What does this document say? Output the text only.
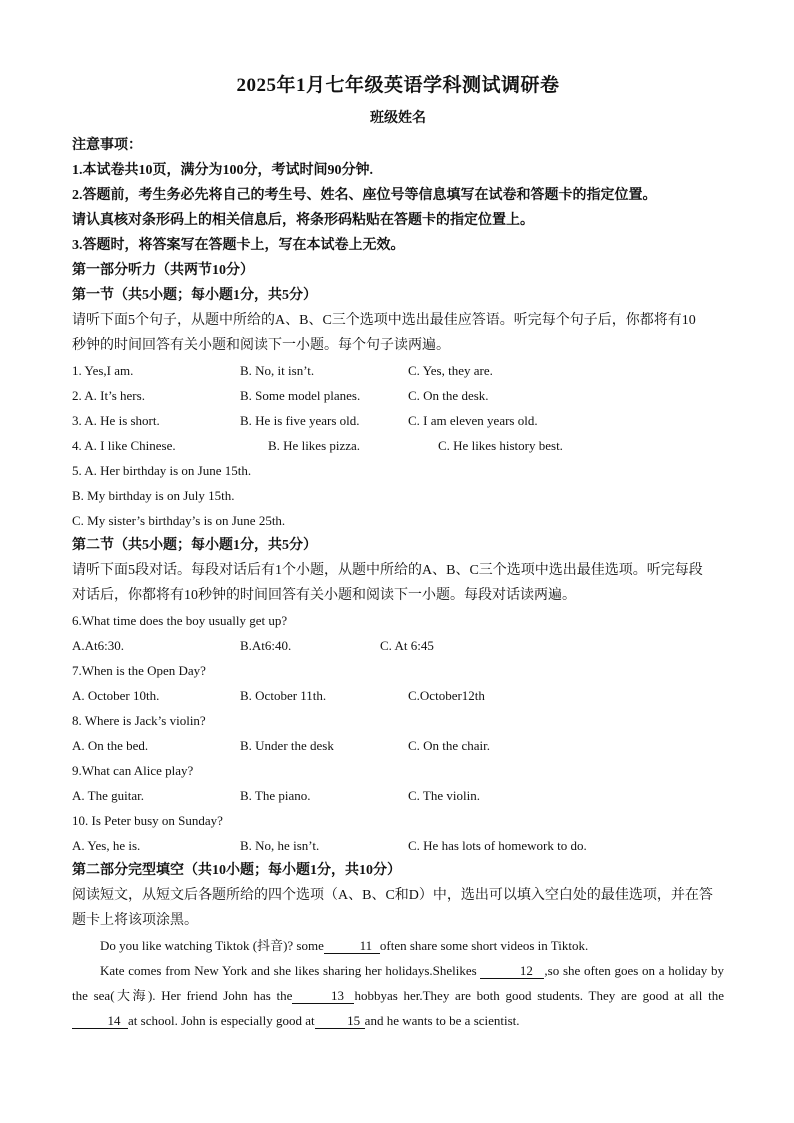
2025年1月七年级英语学科测试调研卷
班级姓名
注意事项：
1.本试卷共10页，满分为100分，考试时间90分钟.
2.答题前，考生务必先将自己的考生号、姓名、座位号等信息填写在试卷和答题卡的指定位置。
请认真核对条形码上的相关信息后，将条形码粘贴在答题卡的指定位置上。
3.答题时，将答案写在答题卡上，写在本试卷上无效。
第一部分听力（共两节10分）
第一节（共5小题；每小题1分，共5分）
请听下面5个句子，从题中所给的A、B、C三个选项中选出最佳应答语。听完每个句子后，你都将有10
秒钟的时间回答有关小题和阅读下一小题。每个句子读两遍。
1. Yes,I am.	B. No, it isn’t.	C. Yes, they are.
2. A. It’s hers.	B. Some model planes.	C. On the desk.
3. A. He is short.	B. He is five years old.	C. I am eleven years old.
4. A. I like Chinese.	B. He likes pizza.	C. He likes history best.
5. A. Her birthday is on June 15th.
B. My birthday is on July 15th.
C. My sister’s birthday’s is on June 25th.
第二节（共5小题；每小题1分，共5分）
请听下面5段对话。每段对话后有1个小题，从题中所给的A、B、C三个选项中选出最佳选项。听完每段
对话后，你都将有10秒钟的时间回答有关小题和阅读下一小题。每段对话读两遍。
6.What time does the boy usually get up?
A.At6:30.	B.At6:40.	C. At 6:45
7.When is the Open Day?
A. October 10th.	B. October 11th.	C.October12th
8. Where is Jack’s violin?
A. On the bed.	B. Under the desk	C. On the chair.
9.What can Alice play?
A. The guitar.	B. The piano.	C. The violin.
10. Is Peter busy on Sunday?
A. Yes, he is.	B. No, he isn’t.	C. He has lots of homework to do.
第二部分完型填空（共10小题；每小题1分，共10分）
阅读短文，从短文后各题所给的四个选项（A、B、C和D）中，选出可以填入空白处的最佳选项，并在答
题卡上将该项涂黑。
Do you like watching Tiktok (抖音)? some	11 often share some short videos in Tiktok.
Kate comes from New York and she likes sharing her holidays.Shelikes	12 ,so she often goes on a holiday by the sea(大海). Her friend John has the	13 hobbyas her.They are both good students. They are good at all the14 at school. John is especially good at	15 and he wants to be a scientist.
